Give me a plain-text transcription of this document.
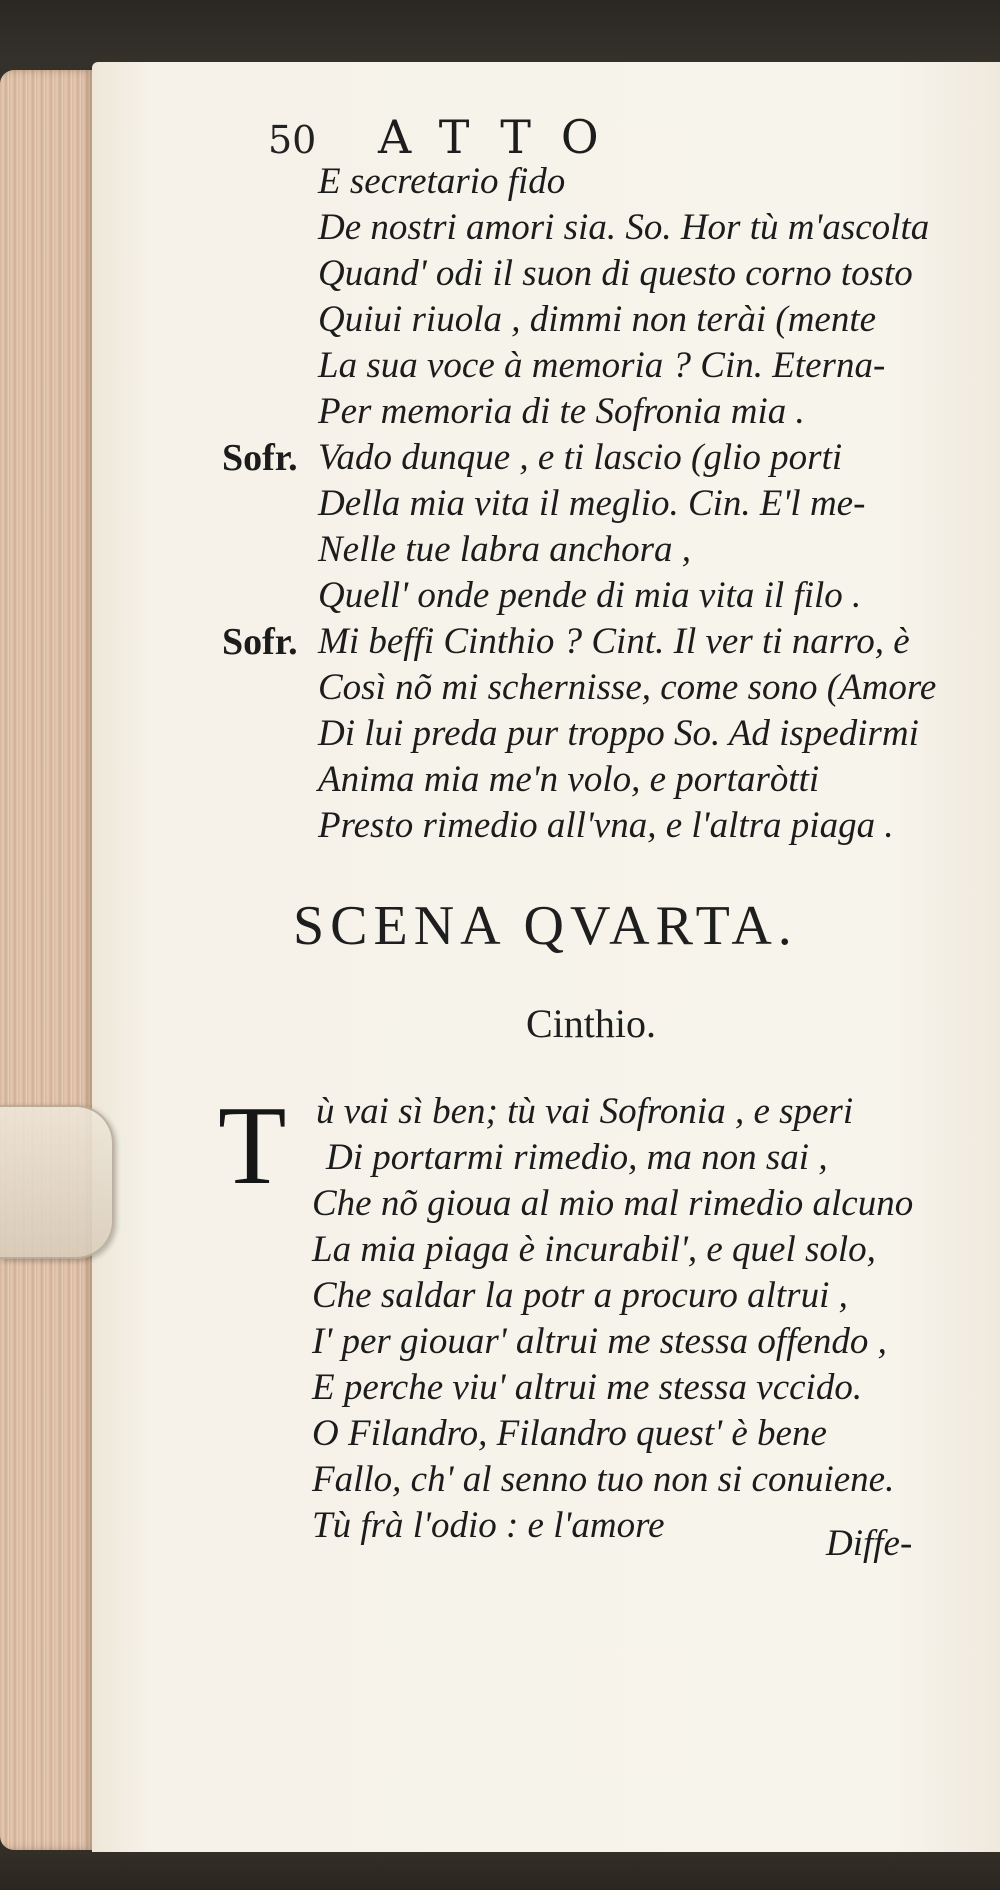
50 ATTO
E secretario fido
De nostri amori sia. So. Hor tù m'ascolta
Quand' odi il suon di questo corno tosto
Quiui riuola , dimmi non terài (mente
La sua voce à memoria ? Cin. Eterna-
Per memoria di te Sofronia mia .
Sofr. Vado dunque , e ti lascio (glio porti
Della mia vita il meglio. Cin. E'l me-
Nelle tue labra anchora ,
Quell' onde pende di mia vita il filo .
Sofr. Mi beffi Cinthio ? Cint. Il ver ti narro, è
Così nõ mi schernisse, come sono (Amore
Di lui preda pur troppo So. Ad ispedirmi
Anima mia me'n volo, e portaròtti
Presto rimedio all'vna, e l'altra piaga .
SCENA QVARTA.
Cinthio.
T ù vai sì ben; tù vai Sofronia , e speri
Di portarmi rimedio, ma non sai ,
Che nõ gioua al mio mal rimedio alcuno
La mia piaga è incurabil', e quel solo,
Che saldar la potr a procuro altrui ,
I' per giouar' altrui me stessa offendo ,
E perche viu' altrui me stessa vccido.
O Filandro, Filandro quest' è bene
Fallo, ch' al senno tuo non si conuiene.
Tù frà l'odio : e l'amore	Diffe-
